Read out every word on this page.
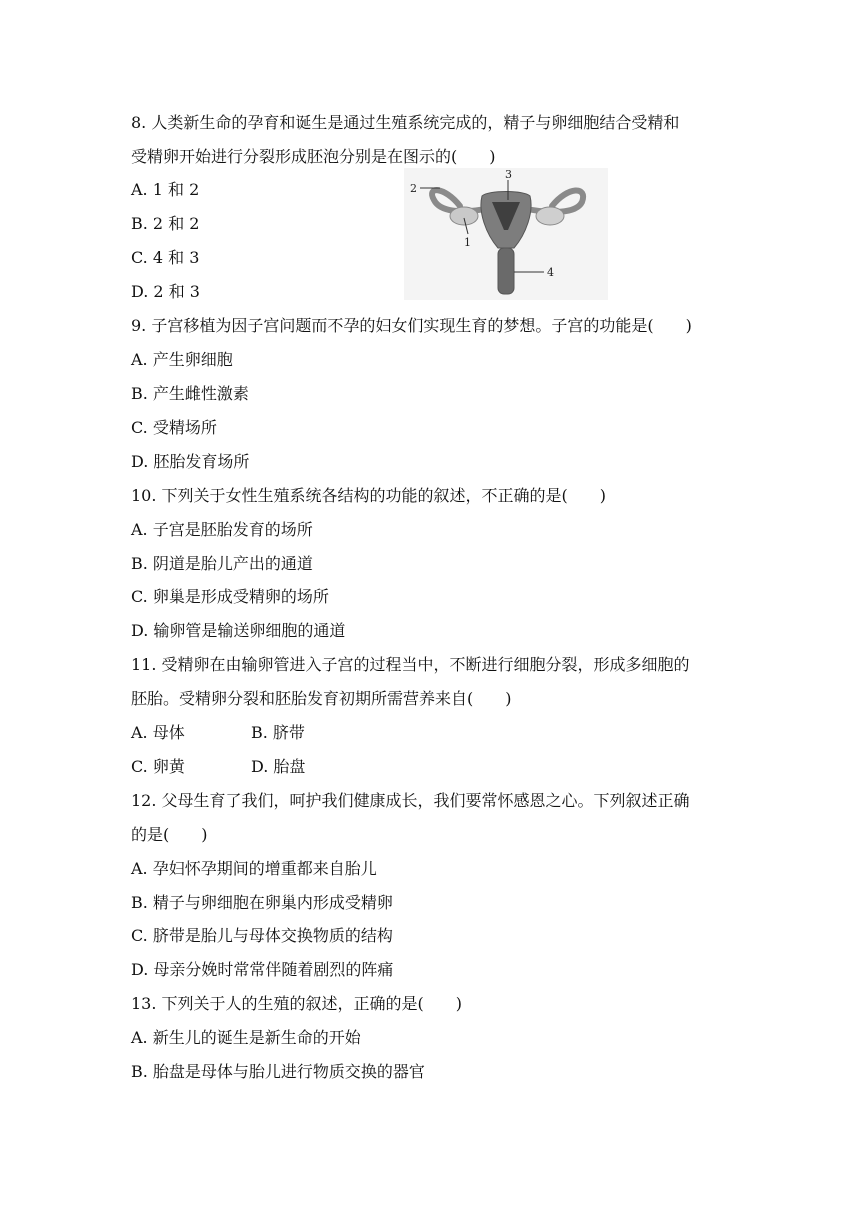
8. 人类新生命的孕育和诞生是通过生殖系统完成的，精子与卵细胞结合受精和
受精卵开始进行分裂形成胚泡分别是在图示的(　　)
A. 1 和 2
B. 2 和 2
C. 4 和 3
D. 2 和 3
2
3
1
4
9. 子宫移植为因子宫问题而不孕的妇女们实现生育的梦想。子宫的功能是(　　)
A. 产生卵细胞
B. 产生雌性激素
C. 受精场所
D. 胚胎发育场所
10. 下列关于女性生殖系统各结构的功能的叙述，不正确的是(　　)
A. 子宫是胚胎发育的场所
B. 阴道是胎儿产出的通道
C. 卵巢是形成受精卵的场所
D. 输卵管是输送卵细胞的通道
11. 受精卵在由输卵管进入子宫的过程当中，不断进行细胞分裂，形成多细胞的
胚胎。受精卵分裂和胚胎发育初期所需营养来自(　　)
A. 母体	B. 脐带
C. 卵黄	D. 胎盘
12. 父母生育了我们，呵护我们健康成长，我们要常怀感恩之心。下列叙述正确
的是(　　)
A. 孕妇怀孕期间的增重都来自胎儿
B. 精子与卵细胞在卵巢内形成受精卵
C. 脐带是胎儿与母体交换物质的结构
D. 母亲分娩时常常伴随着剧烈的阵痛
13. 下列关于人的生殖的叙述，正确的是(　　)
A. 新生儿的诞生是新生命的开始
B. 胎盘是母体与胎儿进行物质交换的器官
